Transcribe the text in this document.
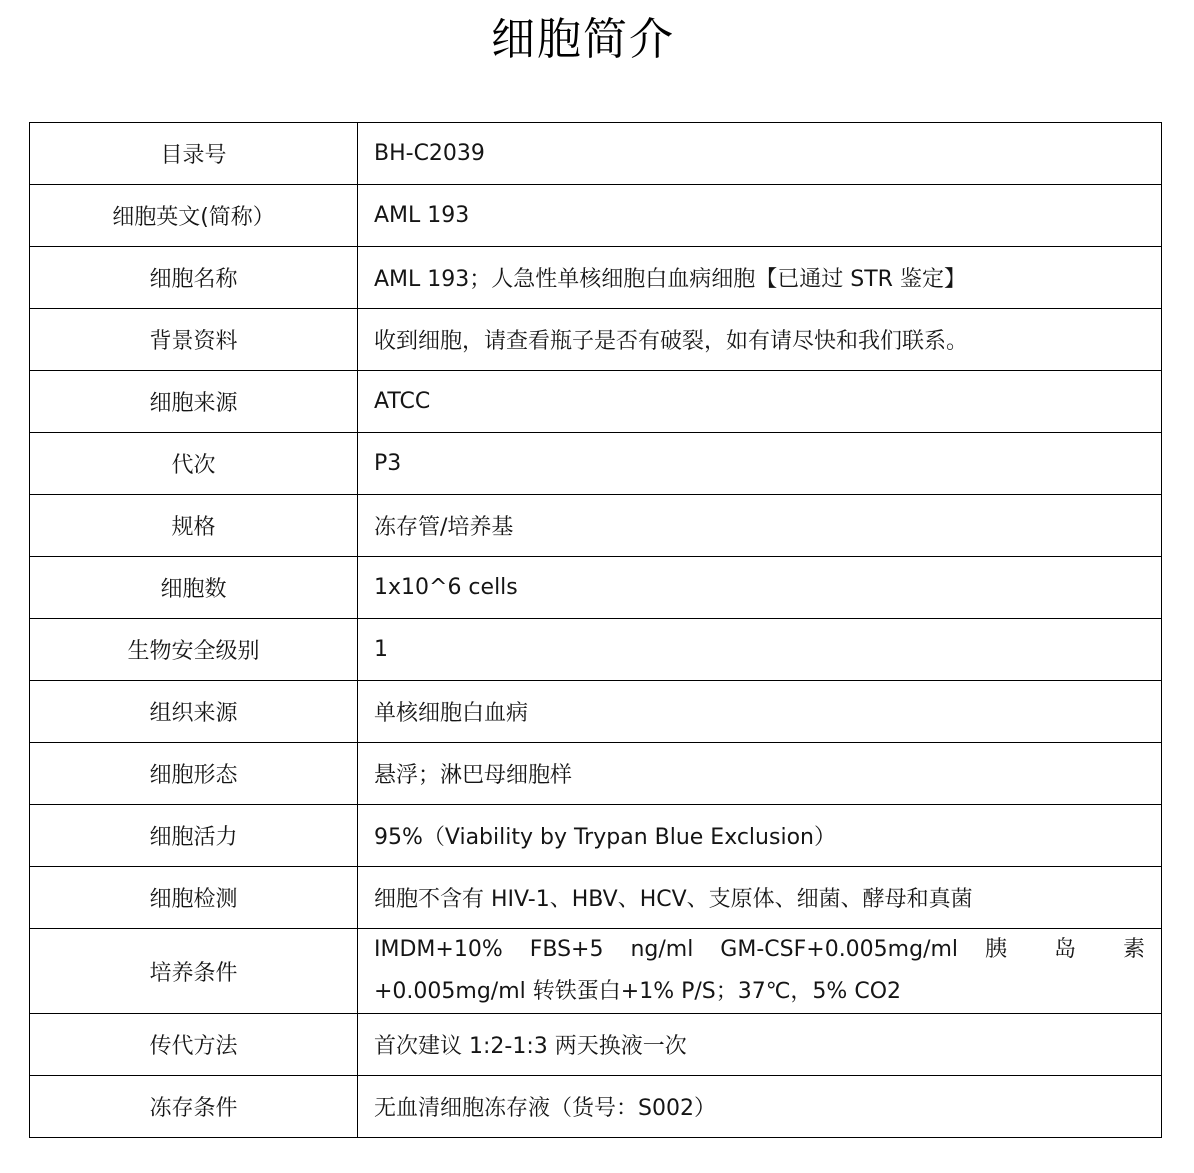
细胞简介
目录号	BH-C2039
细胞英文(简称）	AML 193
细胞名称	AML 193；人急性单核细胞白血病细胞【已通过 STR 鉴定】
背景资料	收到细胞，请查看瓶子是否有破裂，如有请尽快和我们联系。
细胞来源	ATCC
代次	P3
规格	冻存管/培养基
细胞数	1x10^6 cells
生物安全级别	1
组织来源	单核细胞白血病
细胞形态	悬浮；淋巴母细胞样
细胞活力	95%（Viability by Trypan Blue Exclusion）
细胞检测	细胞不含有 HIV-1、HBV、HCV、支原体、细菌、酵母和真菌
培养条件	IMDM+10% FBS+5 ng/ml GM-CSF+0.005mg/ml 胰 岛 素
+0.005mg/ml 转铁蛋白+1% P/S；37℃，5% CO2

传代方法	首次建议 1:2-1:3 两天换液一次
冻存条件	无血清细胞冻存液（货号：S002）
